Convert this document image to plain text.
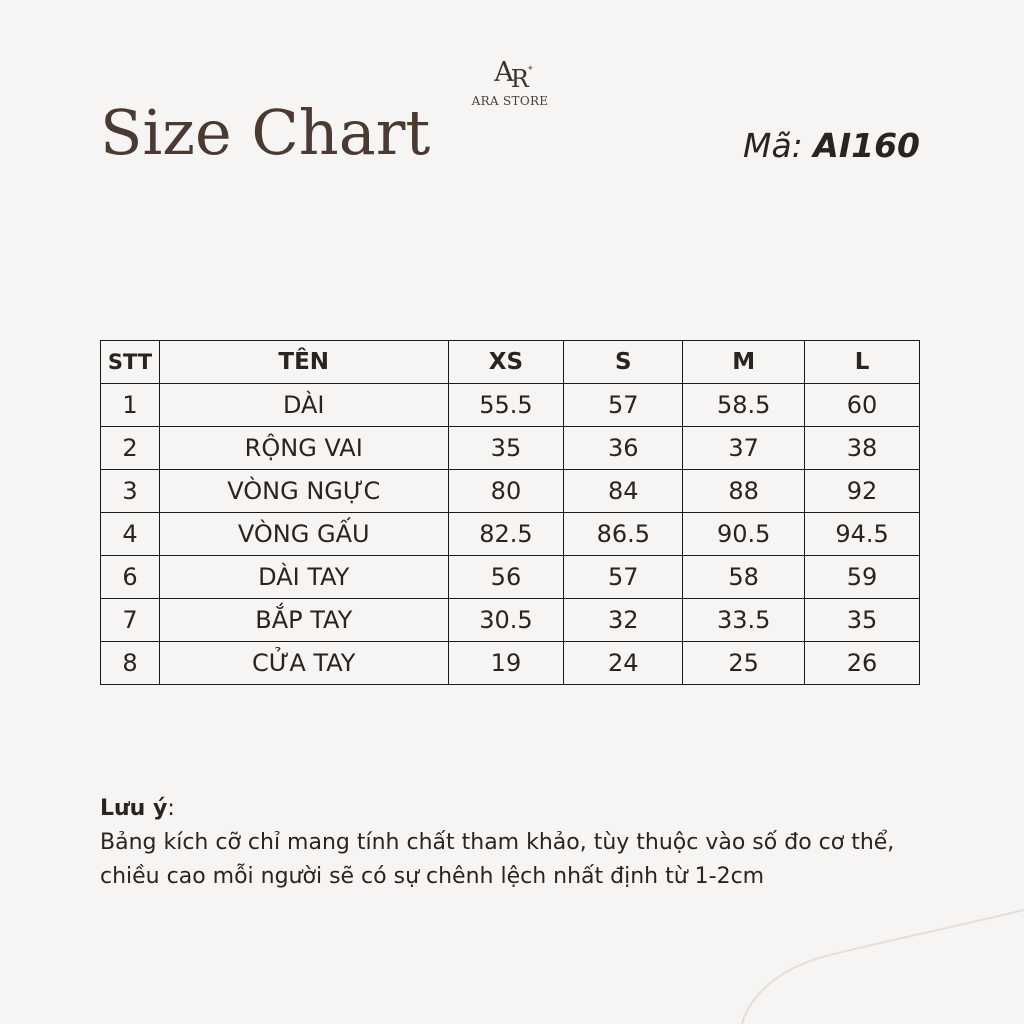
AR ✦
ARA STORE
Size Chart	Mã: AI160
STT	TÊN	XS	S	M	L
1	DÀI	55.5	57	58.5	60
2	RỘNG VAI	35	36	37	38
3	VÒNG NGỰC	80	84	88	92
4	VÒNG GẤU	82.5	86.5	90.5	94.5
6	DÀI TAY	56	57	58	59
7	BẮP TAY	30.5	32	33.5	35
8	CỬA TAY	19	24	25	26
Lưu ý:
Bảng kích cỡ chỉ mang tính chất tham khảo, tùy thuộc vào số đo cơ thể, chiều cao mỗi người sẽ có sự chênh lệch nhất định từ 1-2cm
